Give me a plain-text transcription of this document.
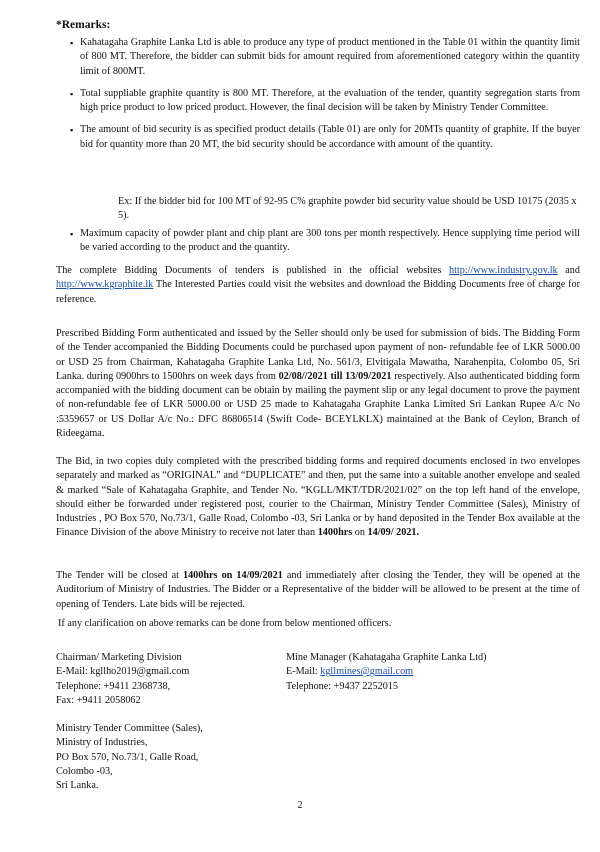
*Remarks:
▪ Kahatagaha Graphite Lanka Ltd is able to produce any type of product mentioned in the Table 01 within the quantity limit of 800 MT. Therefore, the bidder can submit bids for amount required from aforementioned category within the quantity limit of 800MT.
▪ Total suppliable graphite quantity is 800 MT. Therefore, at the evaluation of the tender, quantity segregation starts from high price product to low priced product. However, the final decision will be taken by Ministry Tender Committee.
▪ The amount of bid security is as specified product details (Table 01) are only for 20MTs quantity of graphite. If the buyer bid for quantity more than 20 MT, the bid security should be accordance with amount of the quantity.
Ex: If the bidder bid for 100 MT of 92-95 C% graphite powder bid security value should be USD 10175 (2035 x 5).
▪ Maximum capacity of powder plant and chip plant are 300 tons per month respectively. Hence supplying time period will be varied according to the product and the quantity.

The complete Bidding Documents of tenders is published in the official websites http://www.industry.gov.lk and http://www.kgraphite.lk The Interested Parties could visit the websites and download the Bidding Documents free of charge for reference.

Prescribed Bidding Form authenticated and issued by the Seller should only be used for submission of bids. The Bidding Form of the Tender accompanied the Bidding Documents could be purchased upon payment of non- refundable fee of LKR 5000.00 or USD 25 from Chairman, Kahatagaha Graphite Lanka Ltd, No. 561/3, Elvitigala Mawatha, Narahenpita, Colombo 05, Sri Lanka. during 0900hrs to 1500hrs on week days from 02/08//2021 till 13/09/2021 respectively. Also authenticated bidding form accompanied with the bidding document can be obtain by mailing the payment slip or any legal document to prove the payment of non-refundable fee of LKR 5000.00 or USD 25 made to Kahatagaha Graphite Lanka Limited Sri Lankan Rupee A/c No :5359657 or US Dollar A/c No.: DFC 86806514 (Swift Code- BCEYLKLX) maintained at the Bank of Ceylon, Branch of Rideegama.

The Bid, in two copies duly completed with the prescribed bidding forms and required documents enclosed in two envelopes separately and marked as “ORIGINAL” and “DUPLICATE” and then, put the same into a suitable another envelope and sealed & marked “Sale of Kahatagaha Graphite, and Tender No. “KGLL/MKT/TDR/2021/02” on the top left hand of the envelope, should either be forwarded under registered post, courier to the Chairman, Ministry Tender Committee (Sales), Ministry of Industries , PO Box 570, No.73/1, Galle Road, Colombo -03, Sri Lanka or by hand deposited in the Tender Box available at the Finance Division of the above Ministry to receive not later than 1400hrs on 14/09/ 2021.

The Tender will be closed at 1400hrs on 14/09/2021 and immediately after closing the Tender, they will be opened at the Auditorium of Ministry of Industries. The Bidder or a Representative of the bidder will be allowed to be present at the time of opening of Tenders. Late bids will be rejected.

If any clarification on above remarks can be done from below mentioned officers.

Chairman/ Marketing Division
E-Mail: kgllho2019@gmail.com
Telephone: +9411 2368738,
Fax: +9411 2058062
Mine Manager (Kahatagaha Graphite Lanka Ltd)
E-Mail: kgllmines@gmail.com
Telephone: +9437 2252015
Ministry Tender Committee (Sales),
Ministry of Industries,
PO Box 570, No.73/1, Galle Road,
Colombo -03,
Sri Lanka.
2
